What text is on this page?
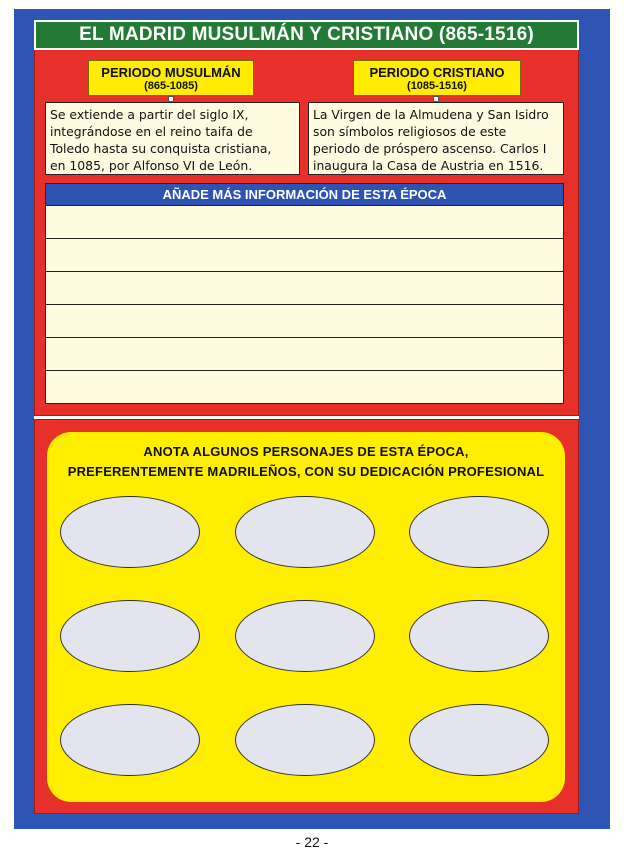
EL MADRID MUSULMÁN Y CRISTIANO (865-1516)
PERIODO MUSULMÁN
(865-1085)
Se extiende a partir del siglo IX,
integrándose en el reino taifa de
Toledo hasta su conquista cristiana,
en 1085, por Alfonso VI de León.
PERIODO CRISTIANO
(1085-1516)
La Virgen de la Almudena y San Isidro
son símbolos religiosos de este
periodo de próspero ascenso. Carlos I
inaugura la Casa de Austria en 1516.
AÑADE MÁS INFORMACIÓN DE ESTA ÉPOCA
ANOTA ALGUNOS PERSONAJES DE ESTA ÉPOCA,
PREFERENTEMENTE MADRILEÑOS, CON SU DEDICACIÓN PROFESIONAL
- 22 -
